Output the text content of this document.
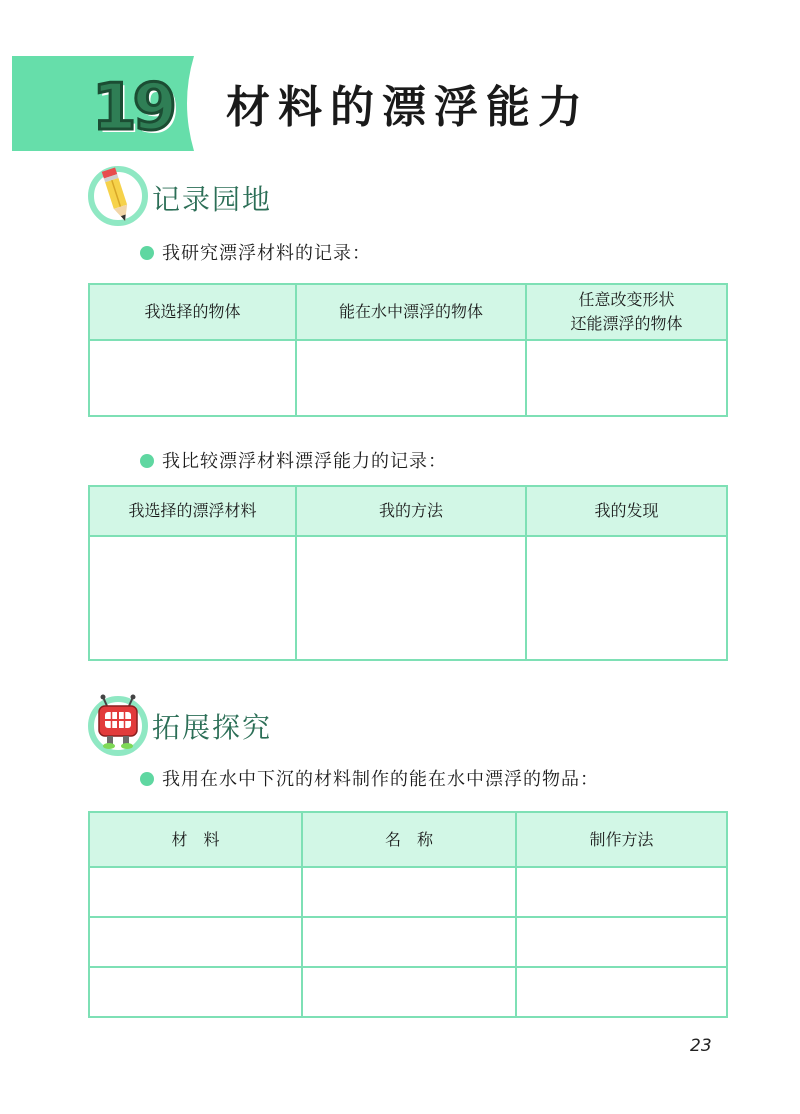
19 材料的漂浮能力
记录园地
我研究漂浮材料的记录：
我选择的物体	能在水中漂浮的物体	任意改变形状
还能漂浮的物体

我比较漂浮材料漂浮能力的记录：
我选择的漂浮材料	我的方法	我的发现

拓展探究
我用在水中下沉的材料制作的能在水中漂浮的物品：
材　料	名　称	制作方法

23
